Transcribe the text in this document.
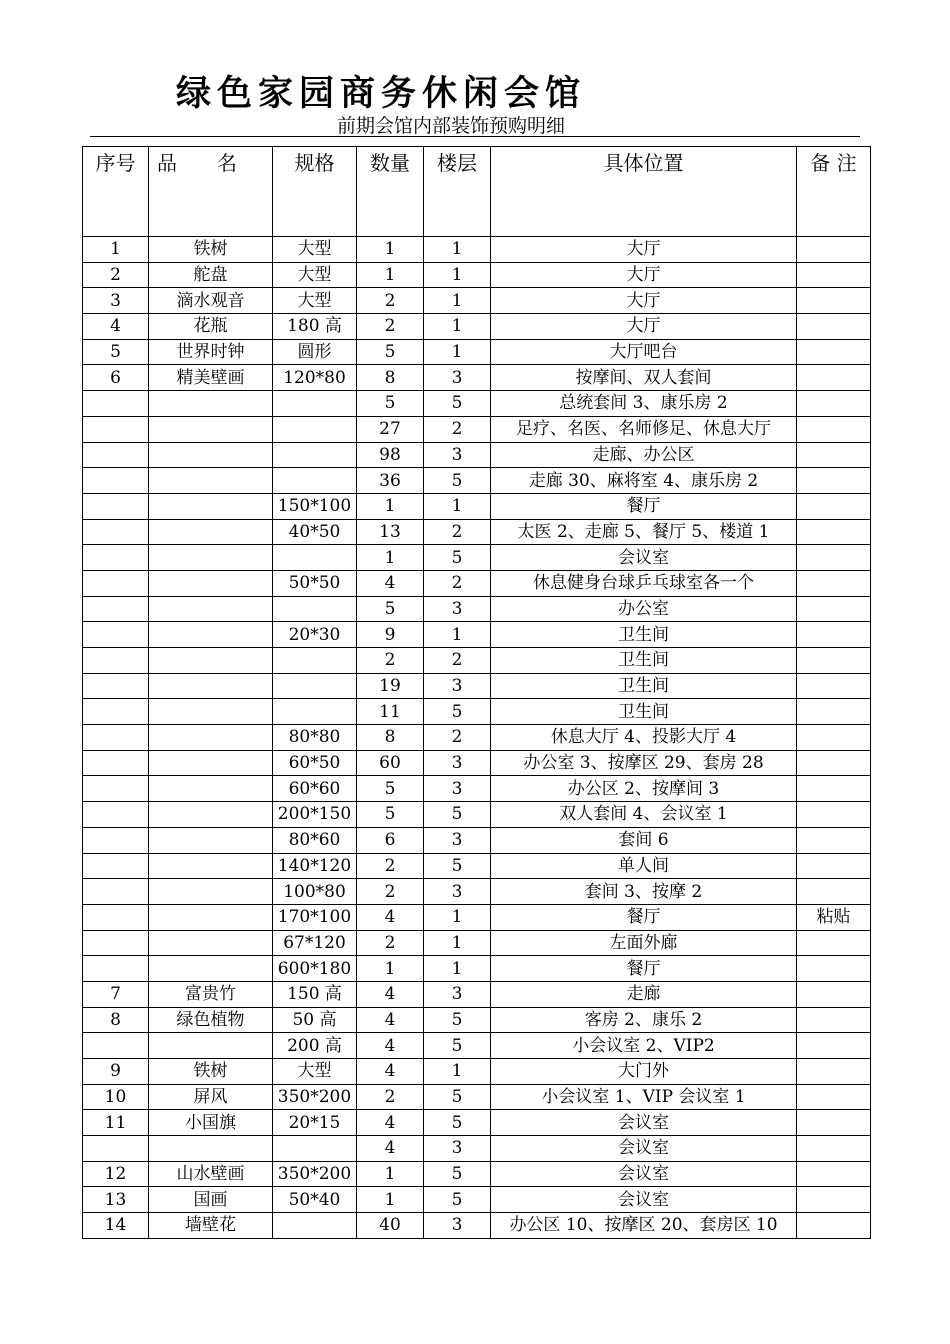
绿色家园商务休闲会馆
前期会馆内部装饰预购明细
序号	品　　名	规格	数量	楼层	具体位置	备 注
1	铁树	大型	1	1	大厅	
2	舵盘	大型	1	1	大厅	
3	滴水观音	大型	2	1	大厅	
4	花瓶	180 高	2	1	大厅	
5	世界时钟	圆形	5	1	大厅吧台	
6	精美壁画	120*80	8	3	按摩间、双人套间	
			5	5	总统套间 3、康乐房 2	
			27	2	足疗、名医、名师修足、休息大厅	
			98	3	走廊、办公区	
			36	5	走廊 30、麻将室 4、康乐房 2	
		150*100	1	1	餐厅	
		40*50	13	2	太医 2、走廊 5、餐厅 5、楼道 1	
			1	5	会议室	
		50*50	4	2	休息健身台球乒乓球室各一个	
			5	3	办公室	
		20*30	9	1	卫生间	
			2	2	卫生间	
			19	3	卫生间	
			11	5	卫生间	
		80*80	8	2	休息大厅 4、投影大厅 4	
		60*50	60	3	办公室 3、按摩区 29、套房 28	
		60*60	5	3	办公区 2、按摩间 3	
		200*150	5	5	双人套间 4、会议室 1	
		80*60	6	3	套间 6	
		140*120	2	5	单人间	
		100*80	2	3	套间 3、按摩 2	
		170*100	4	1	餐厅	粘贴
		67*120	2	1	左面外廊	
		600*180	1	1	餐厅	
7	富贵竹	150 高	4	3	走廊	
8	绿色植物	50 高	4	5	客房 2、康乐 2	
		200 高	4	5	小会议室 2、VIP2	
9	铁树	大型	4	1	大门外	
10	屏风	350*200	2	5	小会议室 1、VIP 会议室 1	
11	小国旗	20*15	4	5	会议室	
			4	3	会议室	
12	山水壁画	350*200	1	5	会议室	
13	国画	50*40	1	5	会议室	
14	墙壁花		40	3	办公区 10、按摩区 20、套房区 10	
